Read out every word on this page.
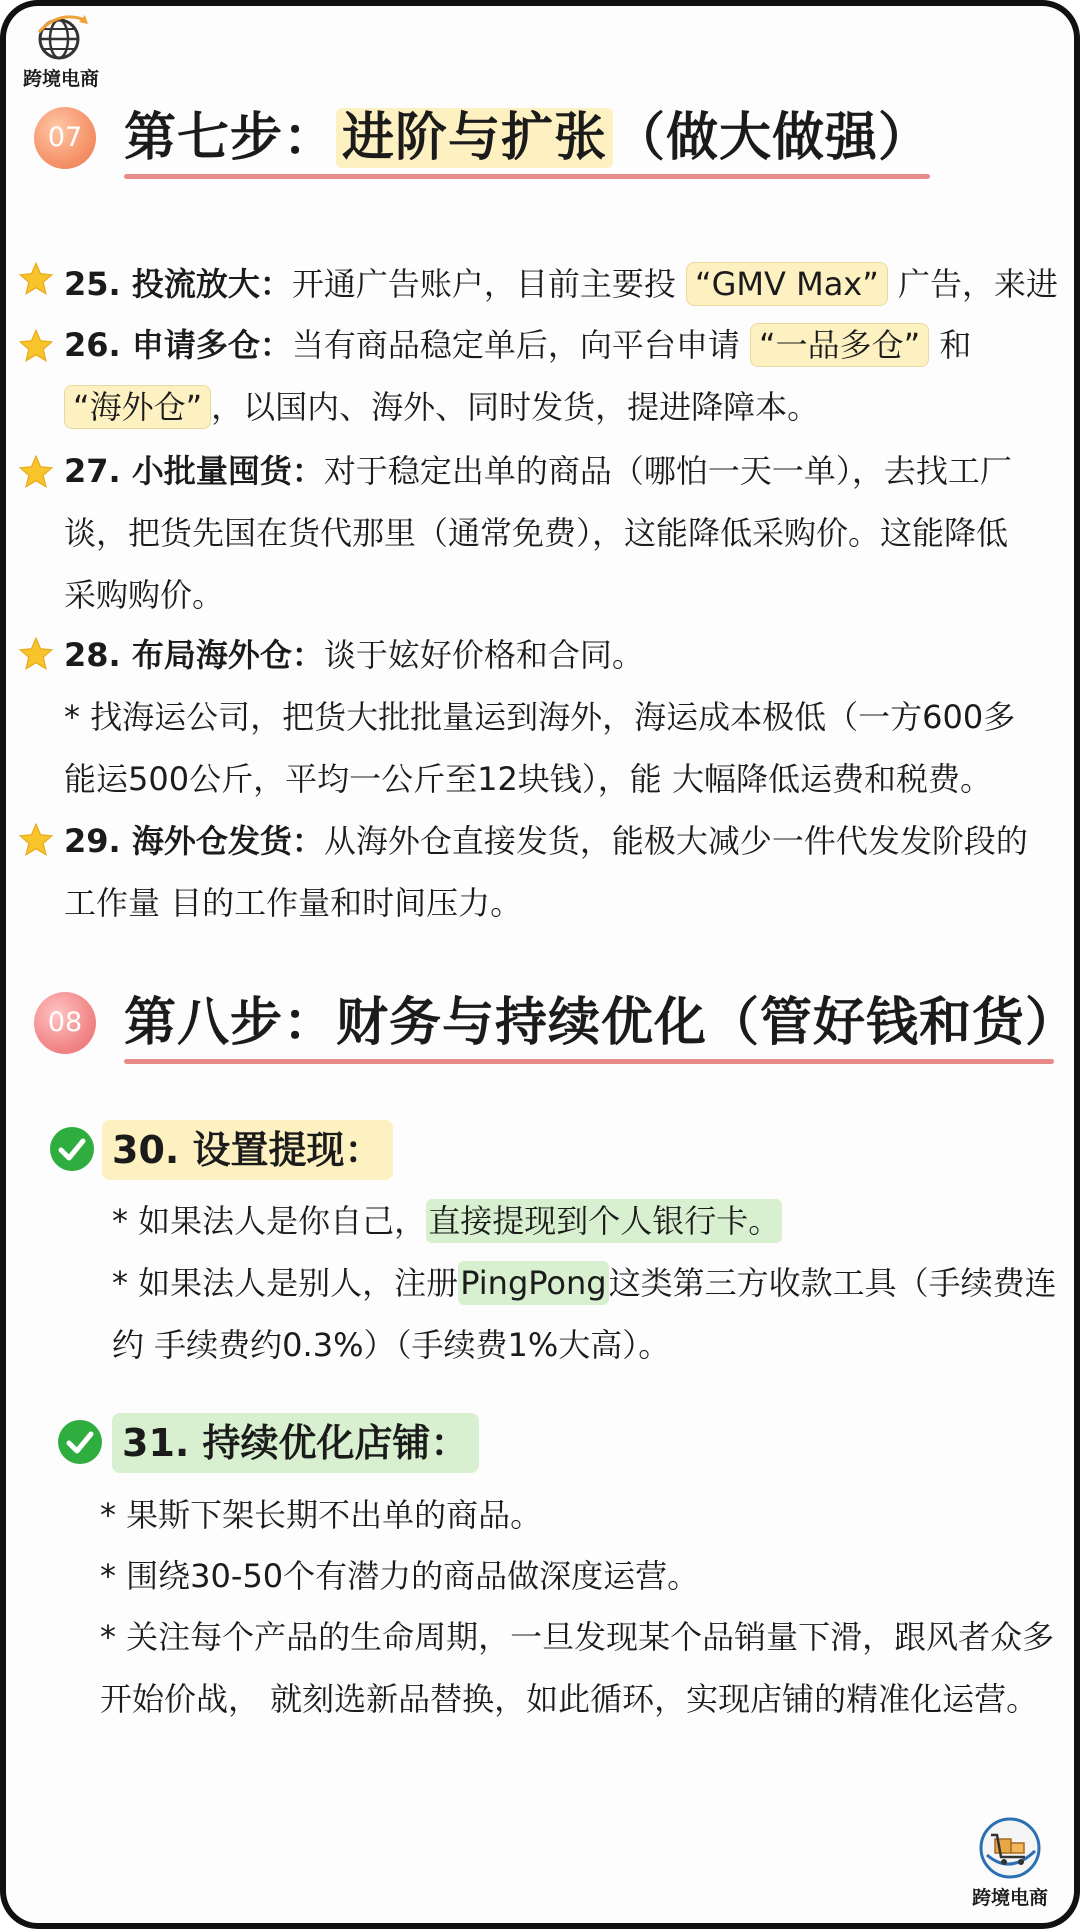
跨境电商
07 第七步： 进阶与扩张 （做大做强）
25. 投流放大：开通广告账户，目前主要投 “GMV Max” 广告，来进
26. 申请多仓：当有商品稳定单后，向平台申请 “一品多仓” 和
“海外仓” ，以国内、海外、同时发货，提进降障本。
27. 小批量囤货：对于稳定出单的商品（哪怕一天一单），去找工厂
谈，把货先国在货代那里（通常免费），这能降低采购价。这能降低
采购购价。
28. 布局海外仓：谈于妶好价格和合同。
* 找海运公司，把货大批批量运到海外，海运成本极低（一方600多
能运500公斤，平均一公斤至12块钱），能 大幅降低运费和税费。
29. 海外仓发货：从海外仓直接发货，能极大减少一件代发发阶段的
工作量 目的工作量和时间压力。
08 第八步：财务与持续优化（管好钱和货）
30. 设置提现：
* 如果法人是你自己，直接提现到个人银行卡。
* 如果法人是别人，注册PingPong这类第三方收款工具（手续费连
约 手续费约0.3%）（手续费1%大高）。
31. 持续优化店铺：
* 果斯下架长期不出单的商品。
* 围绕30-50个有潜力的商品做深度运营。
* 关注每个产品的生命周期，一旦发现某个品销量下滑，跟风者众多
开始价战， 就刻选新品替换，如此循环，实现店铺的精准化运营。
跨境电商
